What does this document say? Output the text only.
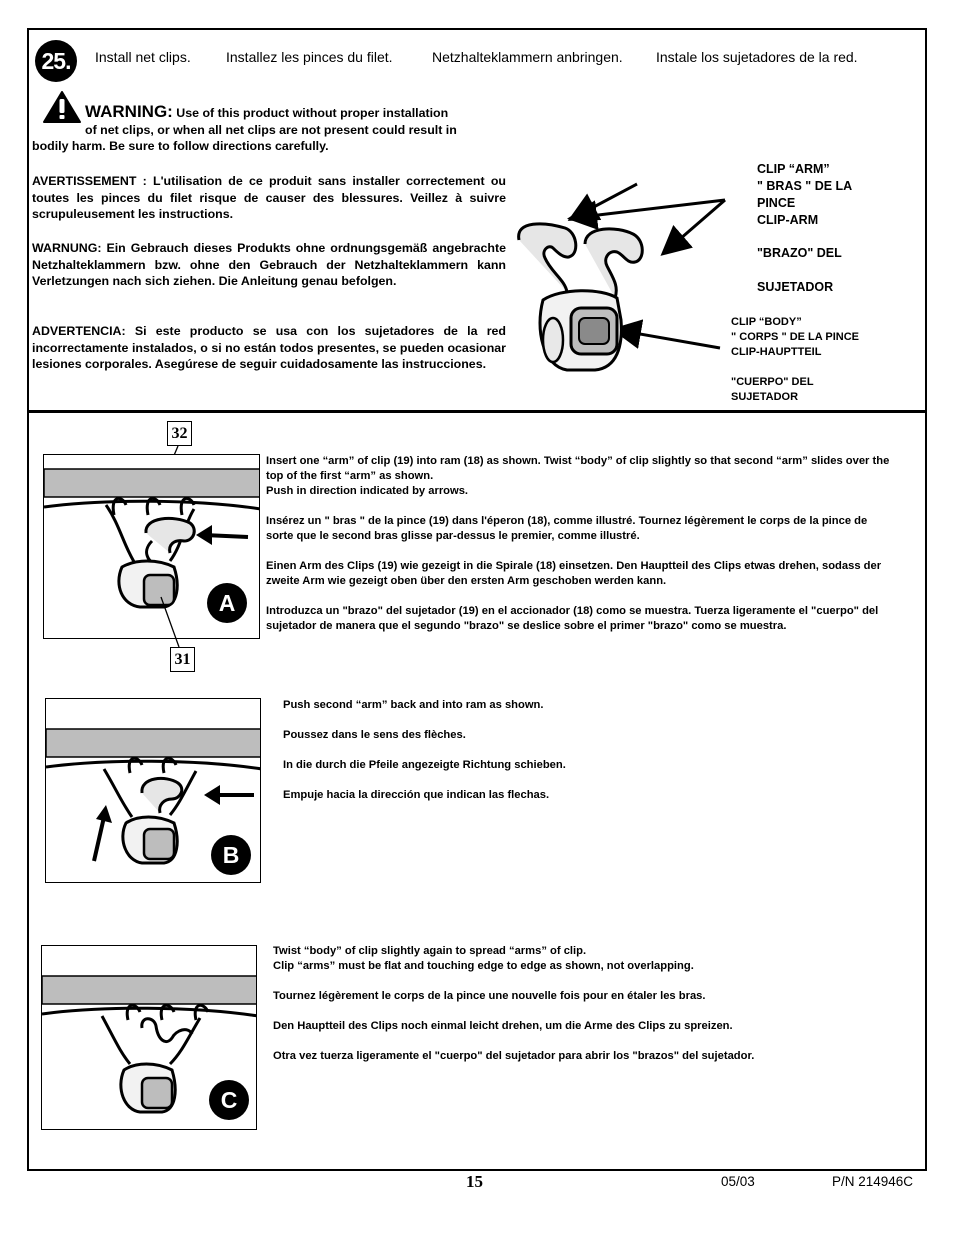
25.	Install net clips.	Installez les pinces du filet.	Netzhalteklammern anbringen. Instale los sujetadores de la red.
WARNING: Use of this product without proper installation
of net clips, or when all net clips are not present could result in
bodily harm. Be sure to follow directions carefully.
AVERTISSEMENT : L'utilisation de ce produit sans installer correctement ou toutes les pinces du filet risque de causer des blessures. Veillez à suivre scrupuleusement les instructions.
WARNUNG: Ein Gebrauch dieses Produkts ohne ordnungsgemäß angebrachte Netzhalteklammern bzw. ohne den Gebrauch der Netzhalteklammern kann Verletzungen nach sich ziehen. Die Anleitung genau befolgen.
ADVERTENCIA: Si este producto se usa con los sujetadores de la red incorrectamente instalados, o si no están todos presentes, se pueden ocasionar lesiones corporales. Asegúrese de seguir cuidadosamente las instrucciones.
CLIP “ARM”
" BRAS " DE LA
PINCE
CLIP-ARM
"BRAZO" DEL
SUJETADOR
CLIP “BODY”
" CORPS " DE LA PINCE
CLIP-HAUPTTEIL
"CUERPO" DEL
SUJETADOR
32
A
31
Insert one “arm” of clip (19) into ram (18) as shown. Twist “body” of clip slightly so that second “arm” slides over the top of the first “arm” as shown.

Push in direction indicated by arrows.

Insérez un " bras " de la pince (19) dans l'éperon (18), comme illustré. Tournez légèrement le corps de la pince de sorte que le second bras glisse par-dessus le premier, comme illustré.

Einen Arm des Clips (19) wie gezeigt in die Spirale (18) einsetzen. Den Hauptteil des Clips etwas drehen, sodass der zweite Arm wie gezeigt oben über den ersten Arm geschoben werden kann.

Introduzca un "brazo" del sujetador (19) en el accionador (18) como se muestra. Tuerza ligeramente el "cuerpo" del sujetador de manera que el segundo "brazo" se deslice sobre el primer "brazo" como se muestra.

B

Push second “arm” back and into ram as shown.

Poussez dans le sens des flèches.

In die durch die Pfeile angezeigte Richtung schieben.

Empuje hacia la dirección que indican las flechas.

C
Twist “body” of clip slightly again to spread “arms” of clip.

Clip “arms” must be flat and touching edge to edge as shown, not overlapping.

Tournez légèrement le corps de la pince une nouvelle fois pour en étaler les bras.

Den Hauptteil des Clips noch einmal leicht drehen, um die Arme des Clips zu spreizen.

Otra vez tuerza ligeramente el "cuerpo" del sujetador para abrir los "brazos" del sujetador.

15	05/03	P/N 214946C
